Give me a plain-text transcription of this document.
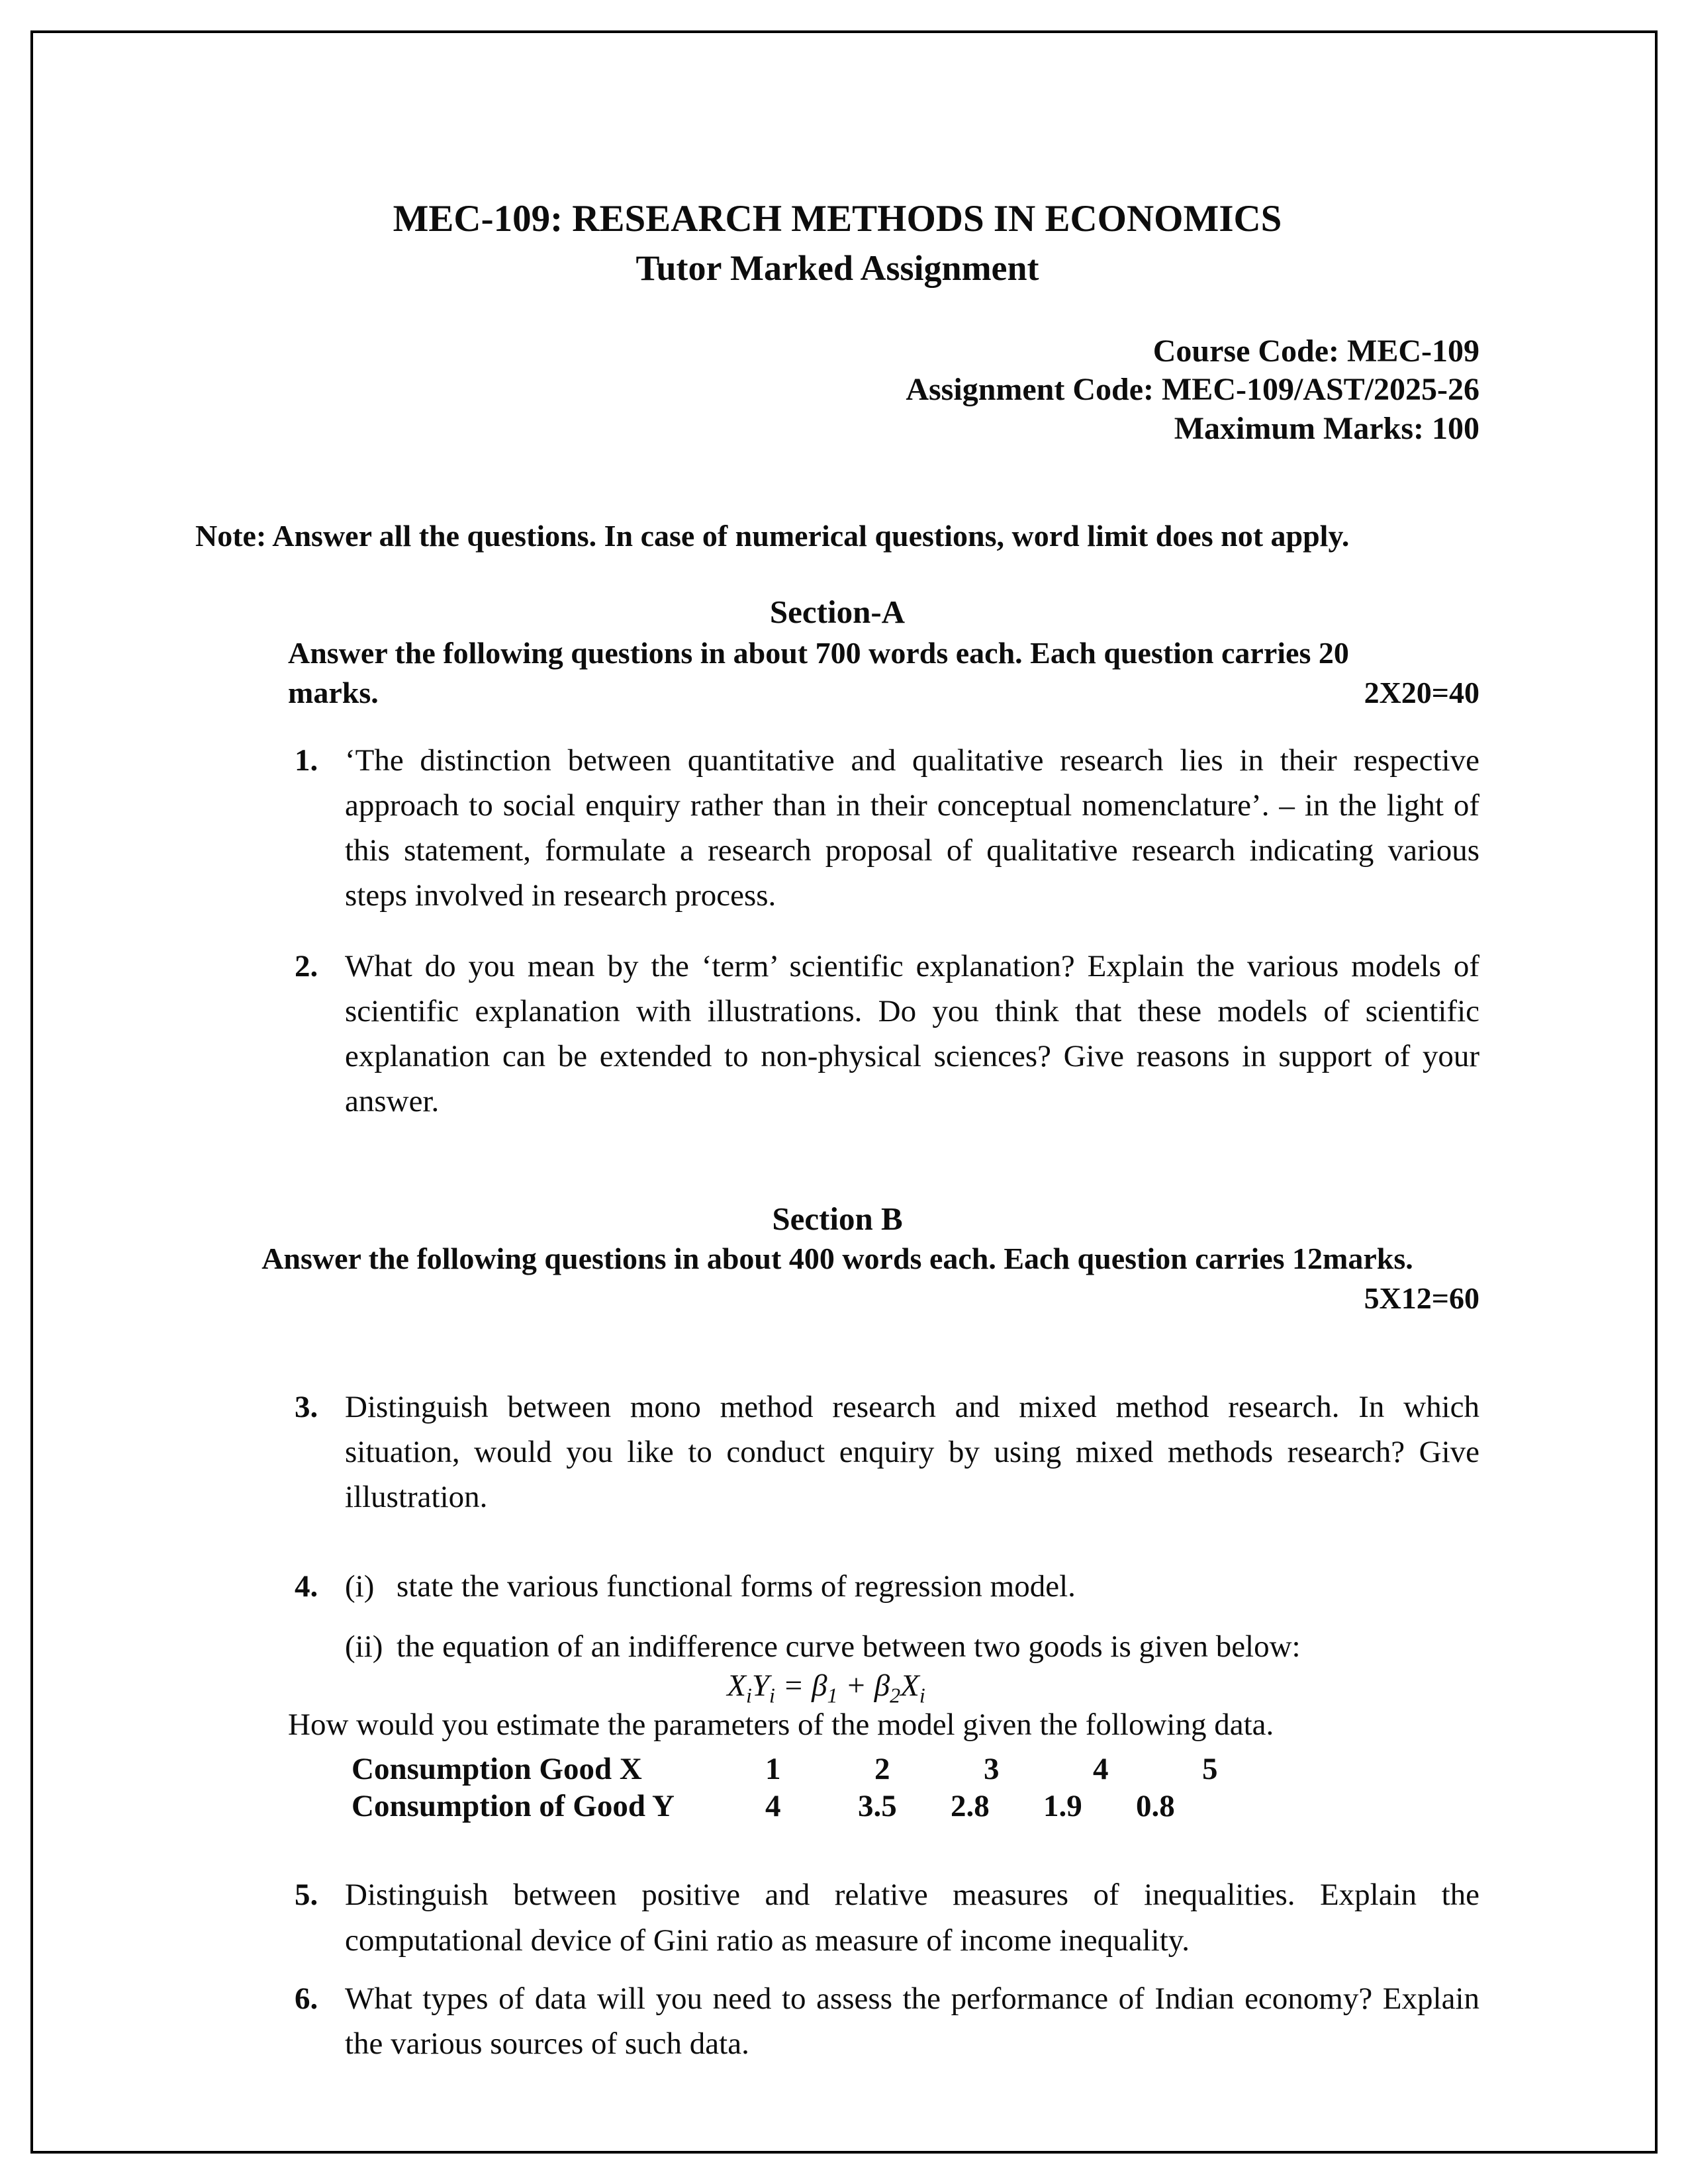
MEC-109: RESEARCH METHODS IN ECONOMICS
Tutor Marked Assignment
Course Code: MEC-109
Assignment Code: MEC-109/AST/2025-26
Maximum Marks: 100
Note: Answer all the questions. In case of numerical questions, word limit does not apply.
Section-A
Answer the following questions in about 700 words each. Each question carries 20
marks.	2X20=40
1. ‘The distinction between quantitative and qualitative research lies in their respective approach to social enquiry rather than in their conceptual nomenclature’. – in the light of this statement, formulate a research proposal of qualitative research indicating various steps involved in research process.
2. What do you mean by the ‘term’ scientific explanation? Explain the various models of scientific explanation with illustrations. Do you think that these models of scientific explanation can be extended to non-physical sciences? Give reasons in support of your answer.
Section B
Answer the following questions in about 400 words each. Each question carries 12marks.
5X12=60
3. Distinguish between mono method research and mixed method research. In which situation, would you like to conduct enquiry by using mixed methods research? Give illustration.
4. (i) state the various functional forms of regression model.
(ii) the equation of an indifference curve between two goods is given below:
$X_iY_i = \beta_1 + \beta_2X_i$
How would you estimate the parameters of the model given the following data.
Consumption Good X	1	2	3	4	5
Consumption of Good Y	4	3.5	2.8	1.9	0.8
5. Distinguish between positive and relative measures of inequalities. Explain the computational device of Gini ratio as measure of income inequality.
6. What types of data will you need to assess the performance of Indian economy? Explain the various sources of such data.
